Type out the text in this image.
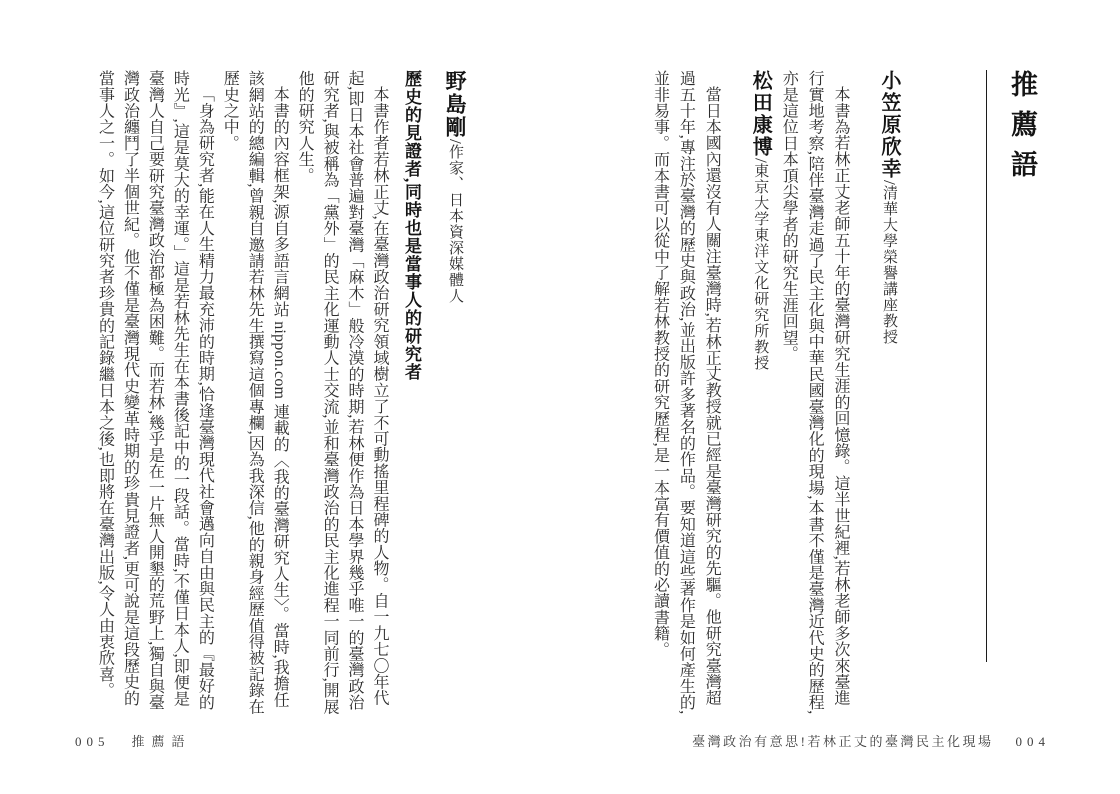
野島剛/作家、日本資深媒體人
歷史的見證者,同時也是當事人的研究者

本書作者若林正丈,在臺灣政治研究領域樹立了不可動搖里程碑的人物。自一九七〇年代起,即日本社會普遍對臺灣「麻木」般冷漠的時期,若林便作為日本學界幾乎唯一的臺灣政治研究者,與被稱為「黨外」的民主化運動人士交流,並和臺灣政治的民主化進程一同前行,開展他的研究人生。

本書的內容框架,源自多語言網站 nippon.com 連載的〈我的臺灣研究人生〉。當時,我擔任該網站的總編輯,曾親自邀請若林先生撰寫這個專欄,因為我深信,他的親身經歷值得被記錄在歷史之中。

「身為研究者,能在人生精力最充沛的時期,恰逢臺灣現代社會邁向自由與民主的『最好的時光』,這是莫大的幸運。」這是若林先生在本書後記中的一段話。當時,不僅日本人,即便是臺灣人自己要研究臺灣政治都極為困難。而若林,幾乎是在一片無人開墾的荒野上,獨自與臺灣政治纏鬥了半個世紀。他不僅是臺灣現代史變革時期的珍貴見證者,更可說是這段歷史的當事人之一。如今,這位研究者珍貴的記錄繼日本之後,也即將在臺灣出版,令人由衷欣喜。

005 推薦語
推薦語
小笠原欣幸/清華大學榮譽講座教授

本書為若林正丈老師五十年的臺灣研究生涯的回憶錄。這半世紀裡,若林老師多次來臺進行實地考察,陪伴臺灣走過了民主化與中華民國臺灣化的現場,本書不僅是臺灣近代史的歷程,亦是這位日本頂尖學者的研究生涯回望。

松田康博/東京大学東洋文化研究所教授

當日本國內還沒有人關注臺灣時,若林正丈教授就已經是臺灣研究的先驅。他研究臺灣超過五十年,專注於臺灣的歷史與政治,並出版許多著名的作品。要知道這些著作是如何產生的,並非易事。而本書可以從中了解若林教授的研究歷程,是一本富有價值的必讀書籍。

臺灣政治有意思!若林正丈的臺灣民主化現場 004
